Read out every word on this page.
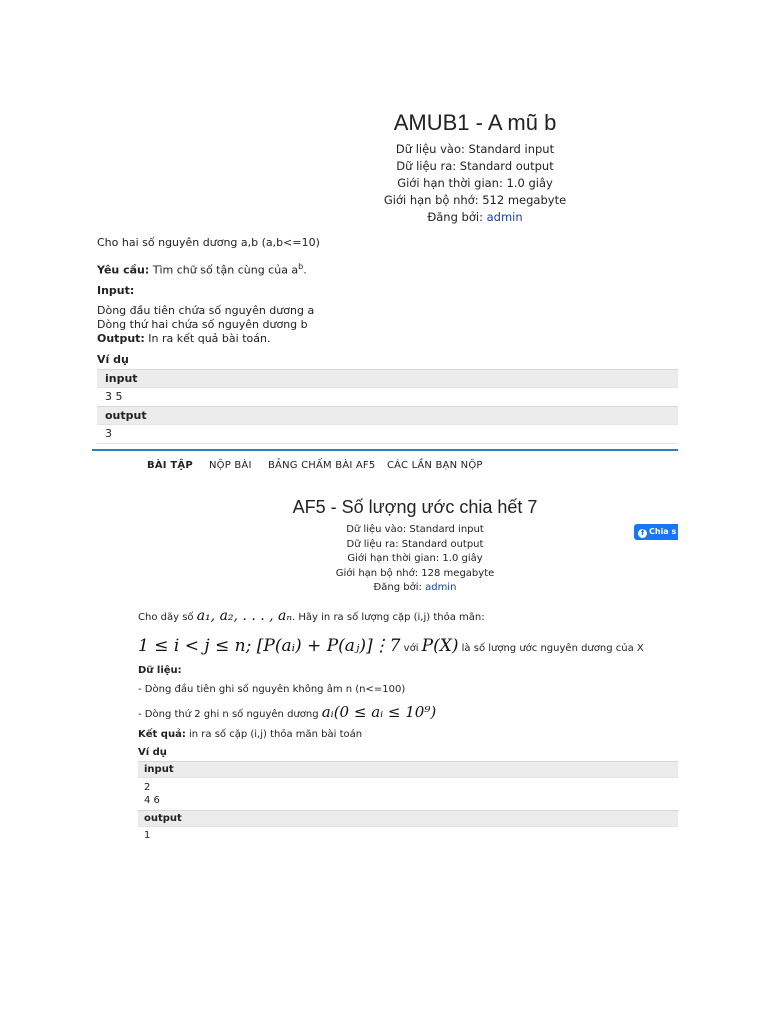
AMUB1 - A mũ b
Dữ liệu vào: Standard input
Dữ liệu ra: Standard output
Giới hạn thời gian: 1.0 giây
Giới hạn bộ nhớ: 512 megabyte
Đăng bởi: admin
Cho hai số nguyên dương a,b (a,b<=10)
Yêu cầu: Tìm chữ số tận cùng của $a^b$.
Input:
Dòng đầu tiên chứa số nguyên dương a
Dòng thứ hai chứa số nguyên dương b
Output: In ra kết quả bài toán.
Ví dụ
input
3 5
output
3
BÀI TẬP NỘP BÀI BẢNG CHẤM BÀI AF5 CÁC LẦN BẠN NỘP
AF5 - Số lượng ước chia hết 7
Dữ liệu vào: Standard input
Dữ liệu ra: Standard output
Giới hạn thời gian: 1.0 giây
Giới hạn bộ nhớ: 128 megabyte
Đăng bởi: admin
f Chia s
Cho dãy số a₁, a₂, . . . , aₙ. Hãy in ra số lượng cặp (i,j) thỏa mãn:
1 ≤ i < j ≤ n; [P(aᵢ) + P(aⱼ)]⋮7 với P(X) là số lượng ước nguyên dương của X
Dữ liệu:
- Dòng đầu tiên ghi số nguyên không âm n (n<=100)
- Dòng thứ 2 ghi n số nguyên dương aᵢ(0 ≤ aᵢ ≤ 10⁹)
Kết quả: in ra số cặp (i,j) thỏa mãn bài toán
Ví dụ
input
2
4 6
output
1
